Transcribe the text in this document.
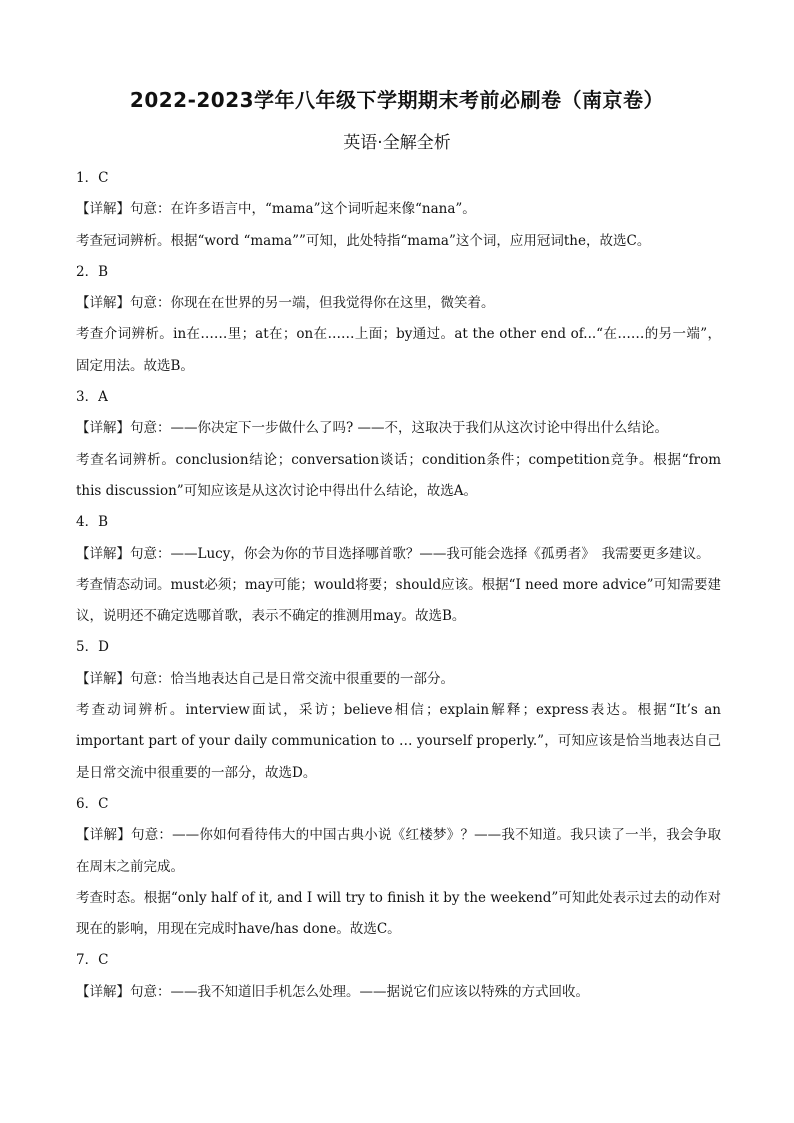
2022-2023学年八年级下学期期末考前必刷卷（南京卷）
英语·全解全析
1．C
【详解】句意：在许多语言中，“mama”这个词听起来像“nana”。
考查冠词辨析。根据“word “mama””可知，此处特指“mama”这个词，应用冠词the，故选C。
2．B
【详解】句意：你现在在世界的另一端，但我觉得你在这里，微笑着。
考查介词辨析。in在……里；at在；on在……上面；by通过。at the other end of...“在……的另一端”，固定用法。故选B。
3．A
【详解】句意：——你决定下一步做什么了吗? ——不，这取决于我们从这次讨论中得出什么结论。
考查名词辨析。conclusion结论；conversation谈话；condition条件；competition竞争。根据“from this discussion”可知应该是从这次讨论中得出什么结论，故选A。
4．B
【详解】句意：——Lucy，你会为你的节目选择哪首歌？——我可能会选择《孤勇者》　我需要更多建议。
考查情态动词。must必须；may可能；would将要；should应该。根据“I need more advice”可知需要建议，说明还不确定选哪首歌，表示不确定的推测用may。故选B。
5．D
【详解】句意：恰当地表达自己是日常交流中很重要的一部分。
考查动词辨析。interview面试，采访；believe相信；explain解释；express表达。根据“It’s an important part of your daily communication to … yourself properly.”，可知应该是恰当地表达自己是日常交流中很重要的一部分，故选D。
6．C
【详解】句意：——你如何看待伟大的中国古典小说《红楼梦》？——我不知道。我只读了一半，我会争取在周末之前完成。
考查时态。根据“only half of it, and I will try to finish it by the weekend”可知此处表示过去的动作对现在的影响，用现在完成时have/has done。故选C。
7．C
【详解】句意：——我不知道旧手机怎么处理。——据说它们应该以特殊的方式回收。
